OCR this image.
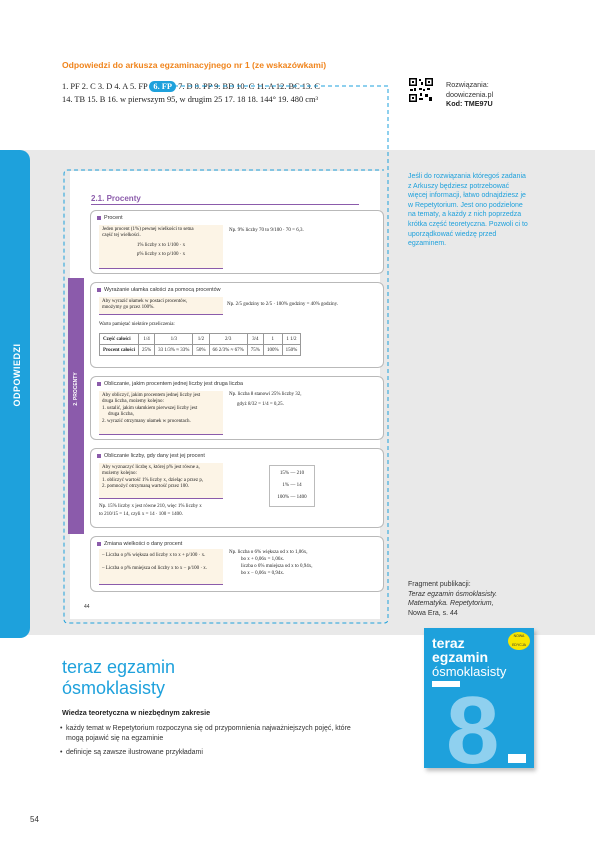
Odpowiedzi do arkusza egzaminacyjnego nr 1 (ze wskazówkami)
1. PF 2. C 3. D 4. A 5. FP 6. FP 7. D 8. PP 9. BD 10. C 11. A 12. BC 13. C
14. TB 15. B 16. w pierwszym 95, w drugim 25 17. 18 18. 144° 19. 480 cm³
Rozwiązania:
doowiczenia.pl
Kod: TME97U
ODPOWIEDZI
2.1. Procenty
2. PROCENTY
Procent
Jeden procent (1%) pewnej wielkości to setna
część tej wielkości.
1% liczby x to 1/100 · x
p% liczby x to p/100 · x
Np. 9% liczby 70 to 9/100 · 70 = 6,3.
Wyrażanie ułamka całości za pomocą procentów
Aby wyrazić ułamek w postaci procentów,
mnożymy go przez 100%.
Np. 2/5 godziny to 2/5 · 100% godziny = 40% godziny.
Warto pamiętać niektóre przeliczenia:
Część całości	1/4	1/3	1/2	2/3	3/4	1	1 1/2
Procent całości	25%	33 1/3% ≈ 33%	50%	66 2/3% ≈ 67%	75%	100%	150%
Obliczanie, jakim procentem jednej liczby jest druga liczba
Aby obliczyć, jakim procentem jednej liczby jest
druga liczba, możemy kolejno:
1. ustalić, jakim ułamkiem pierwszej liczby jest
druga liczba,
2. wyrazić otrzymany ułamek w procentach.
Np. liczba 8 stanowi 25% liczby 32,
gdyż 8/32 = 1/4 = 0,25.
Obliczanie liczby, gdy dany jest jej procent
Aby wyznaczyć liczbę x, której p% jest równe a,
możemy kolejno:
1. obliczyć wartość 1% liczby x, dzieląc a przez p,
2. pomnożyć otrzymaną wartość przez 100.
Np. 15% liczby x jest równe 210, więc 1% liczby x
to 210/15 = 14, czyli x = 14 · 100 = 1400.
15% — 210
1% — 14
100% — 1400
Zmiana wielkości o dany procent
– Liczba o p% większa od liczby x to x + p/100 · x.
– Liczba o p% mniejsza od liczby x to x − p/100 · x.
Np. liczba o 6% większa od x to 1,06x,
bo x + 0,06x = 1,06x.
liczba o 6% mniejsza od x to 0,94x,
bo x − 0,06x = 0,94x.
44
Jeśli do rozwiązania któregoś zadania z Arkuszy będziesz potrzebować więcej informacji, łatwo odnajdziesz je w Repetytorium. Jest ono podzielone na tematy, a każdy z nich poprzedza krótka część teoretyczna. Pozwoli ci to uporządkować wiedzę przed egzaminem.
Fragment publikacji:
Teraz egzamin ósmoklasisty.
Matematyka. Repetytorium,
Nowa Era, s. 44
teraz
egzamin
ósmoklasisty
8
NOWA EDYCJA
teraz egzamin
ósmoklasisty
Wiedza teoretyczna w niezbędnym zakresie
• każdy temat w Repetytorium rozpoczyna się od przypomnienia najważniejszych pojęć, które mogą pojawić się na egzaminie
• definicje są zawsze ilustrowane przykładami
54
